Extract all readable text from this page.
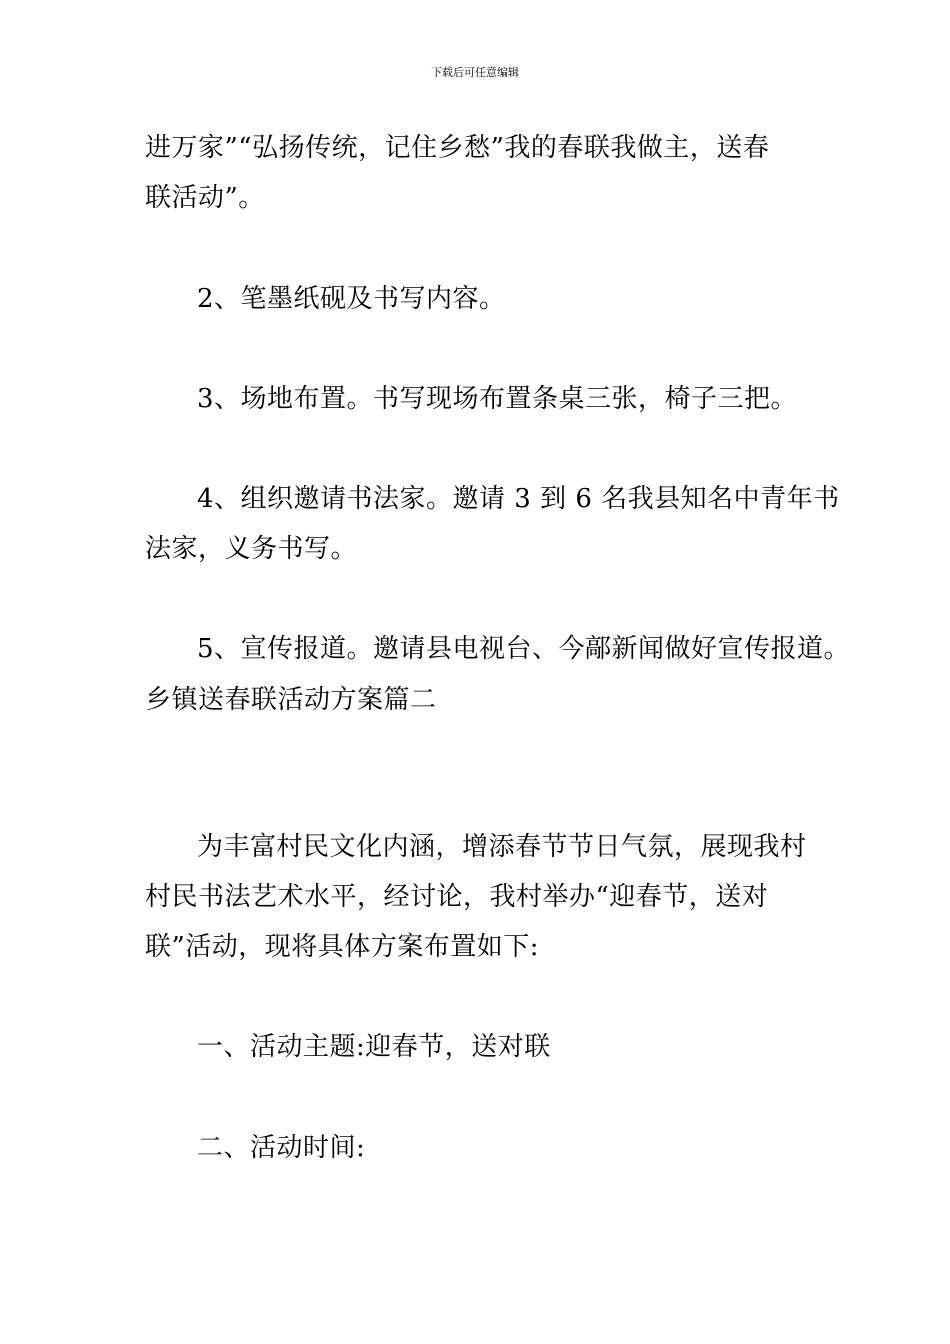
下载后可任意编辑
进万家”“弘扬传统，记住乡愁”我的春联我做主，送春
联活动”。
2、笔墨纸砚及书写内容。
3、场地布置。书写现场布置条桌三张，椅子三把。
4、组织邀请书法家。邀请 3 到 6 名我县知名中青年书
法家，义务书写。
5、宣传报道。邀请县电视台、今鄗新闻做好宣传报道。
乡镇送春联活动方案篇二
为丰富村民文化内涵，增添春节节日气氛，展现我村
村民书法艺术水平，经讨论，我村举办“迎春节，送对
联”活动，现将具体方案布置如下:
一、活动主题:迎春节，送对联
二、活动时间:
